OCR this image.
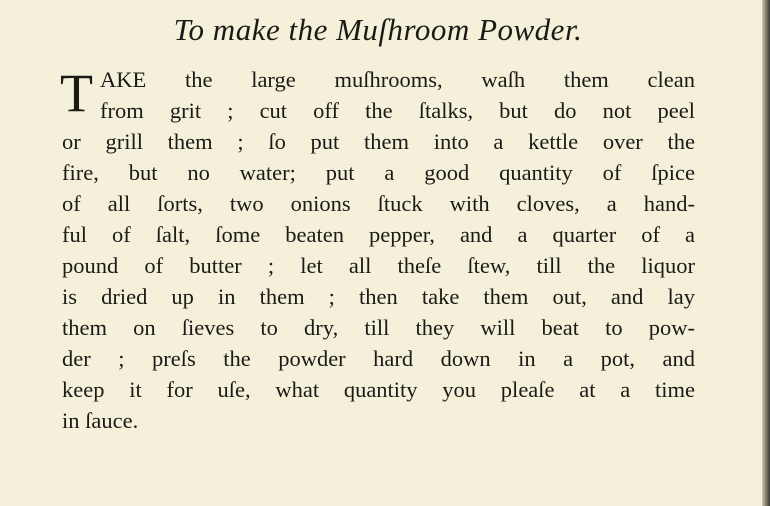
To make the Muſhroom Powder.
T AKE the large muſhrooms, waſh them clean
from grit ; cut off the ſtalks, but do not peel
or grill them ; ſo put them into a kettle over the
fire, but no water; put a good quantity of ſpice
of all ſorts, two onions ſtuck with cloves, a hand-
ful of ſalt, ſome beaten pepper, and a quarter of a
pound of butter ; let all theſe ſtew, till the liquor
is dried up in them ; then take them out, and lay
them on ſieves to dry, till they will beat to pow-
der ; preſs the powder hard down in a pot, and
keep it for uſe, what quantity you pleaſe at a time
in ſauce.
